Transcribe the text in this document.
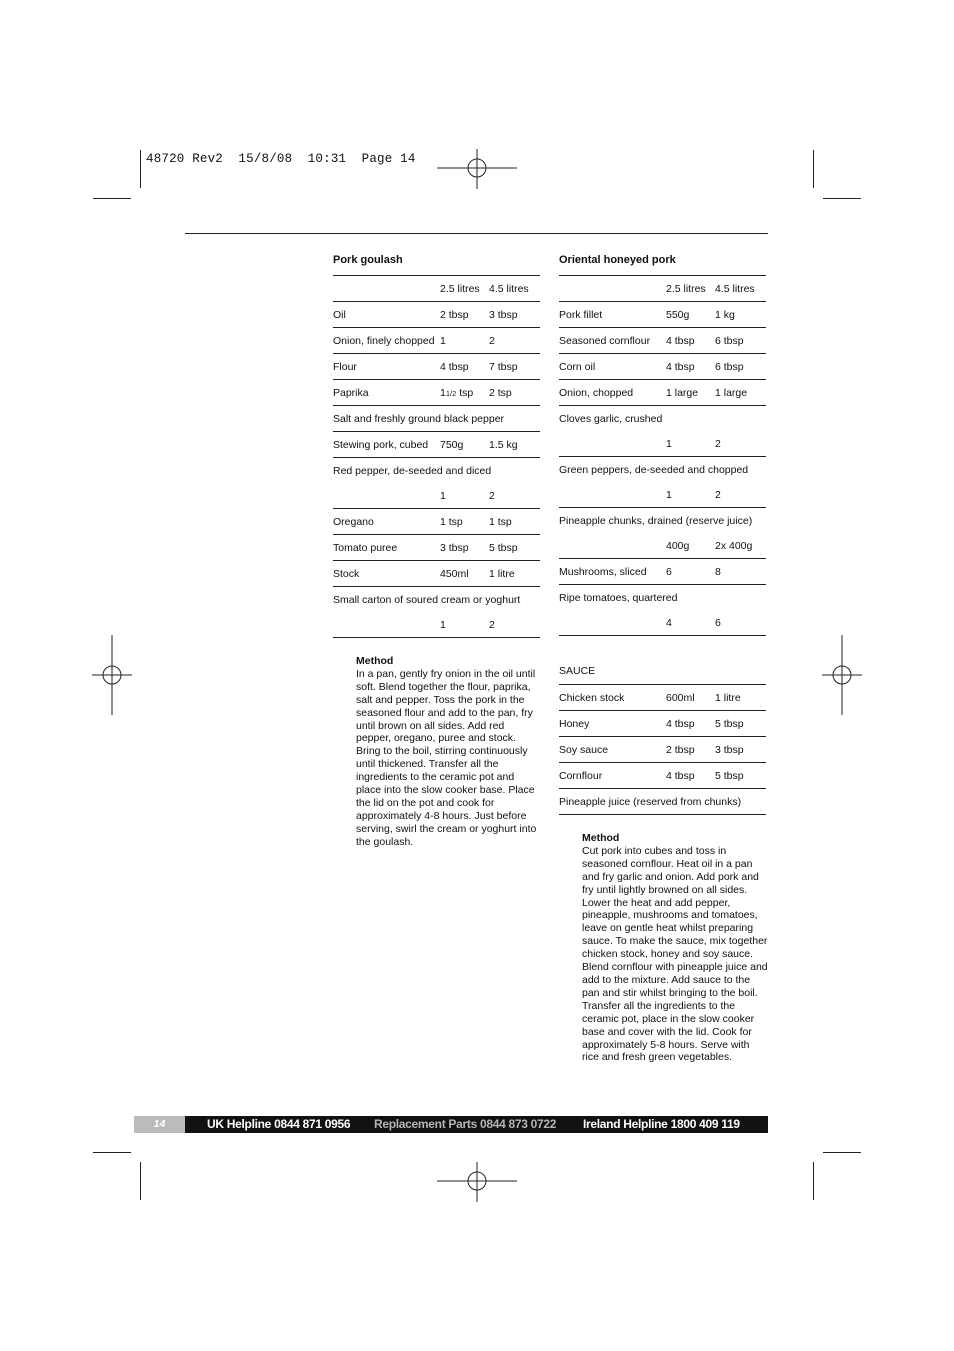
48720 Rev2  15/8/08  10:31  Page 14
Pork goulash
	2.5 litres	4.5 litres
Oil	2 tbsp	3 tbsp
Onion, finely chopped	1	2
Flour	4 tbsp	7 tbsp
Paprika	11/2 tsp	2 tsp
Salt and freshly ground black pepper		
Stewing pork, cubed	750g	1.5 kg
Red pepper, de-seeded and diced		
	1	2
Oregano	1 tsp	1 tsp
Tomato puree	3 tbsp	5 tbsp
Stock	450ml	1 litre
Small carton of soured cream or yoghurt		
	1	2
Method
In a pan, gently fry onion in the oil until soft. Blend together the flour, paprika, salt and pepper. Toss the pork in the seasoned flour and add to the pan, fry until brown on all sides. Add red pepper, oregano, puree and stock. Bring to the boil, stirring continuously until thickened. Transfer all the ingredients to the ceramic pot and place into the slow cooker base. Place the lid on the pot and cook for approximately 4-8 hours. Just before serving, swirl the cream or yoghurt into the goulash.
Oriental honeyed pork
	2.5 litres	4.5 litres
Pork fillet	550g	1 kg
Seasoned cornflour	4 tbsp	6 tbsp
Corn oil	4 tbsp	6 tbsp
Onion, chopped	1 large	1 large
Cloves garlic, crushed		
	1	2
Green peppers, de-seeded and chopped		
	1	2
Pineapple chunks, drained (reserve juice)		
	400g	2x 400g
Mushrooms, sliced	6	8
Ripe tomatoes, quartered		
	4	6
SAUCE
Chicken stock	600ml	1 litre
Honey	4 tbsp	5 tbsp
Soy sauce	2 tbsp	3 tbsp
Cornflour	4 tbsp	5 tbsp
Pineapple juice (reserved from chunks)		
Method
Cut pork into cubes and toss in seasoned cornflour. Heat oil in a pan and fry garlic and onion. Add pork and fry until lightly browned on all sides. Lower the heat and add pepper, pineapple, mushrooms and tomatoes, leave on gentle heat whilst preparing sauce. To make the sauce, mix together chicken stock, honey and soy sauce. Blend cornflour with pineapple juice and add to the mixture. Add sauce to the pan and stir whilst bringing to the boil. Transfer all the ingredients to the ceramic pot, place in the slow cooker base and cover with the lid. Cook for approximately 5-8 hours. Serve with rice and fresh green vegetables.
14	UK Helpline 0844 871 0956 Replacement Parts 0844 873 0722 Ireland Helpline 1800 409 119
